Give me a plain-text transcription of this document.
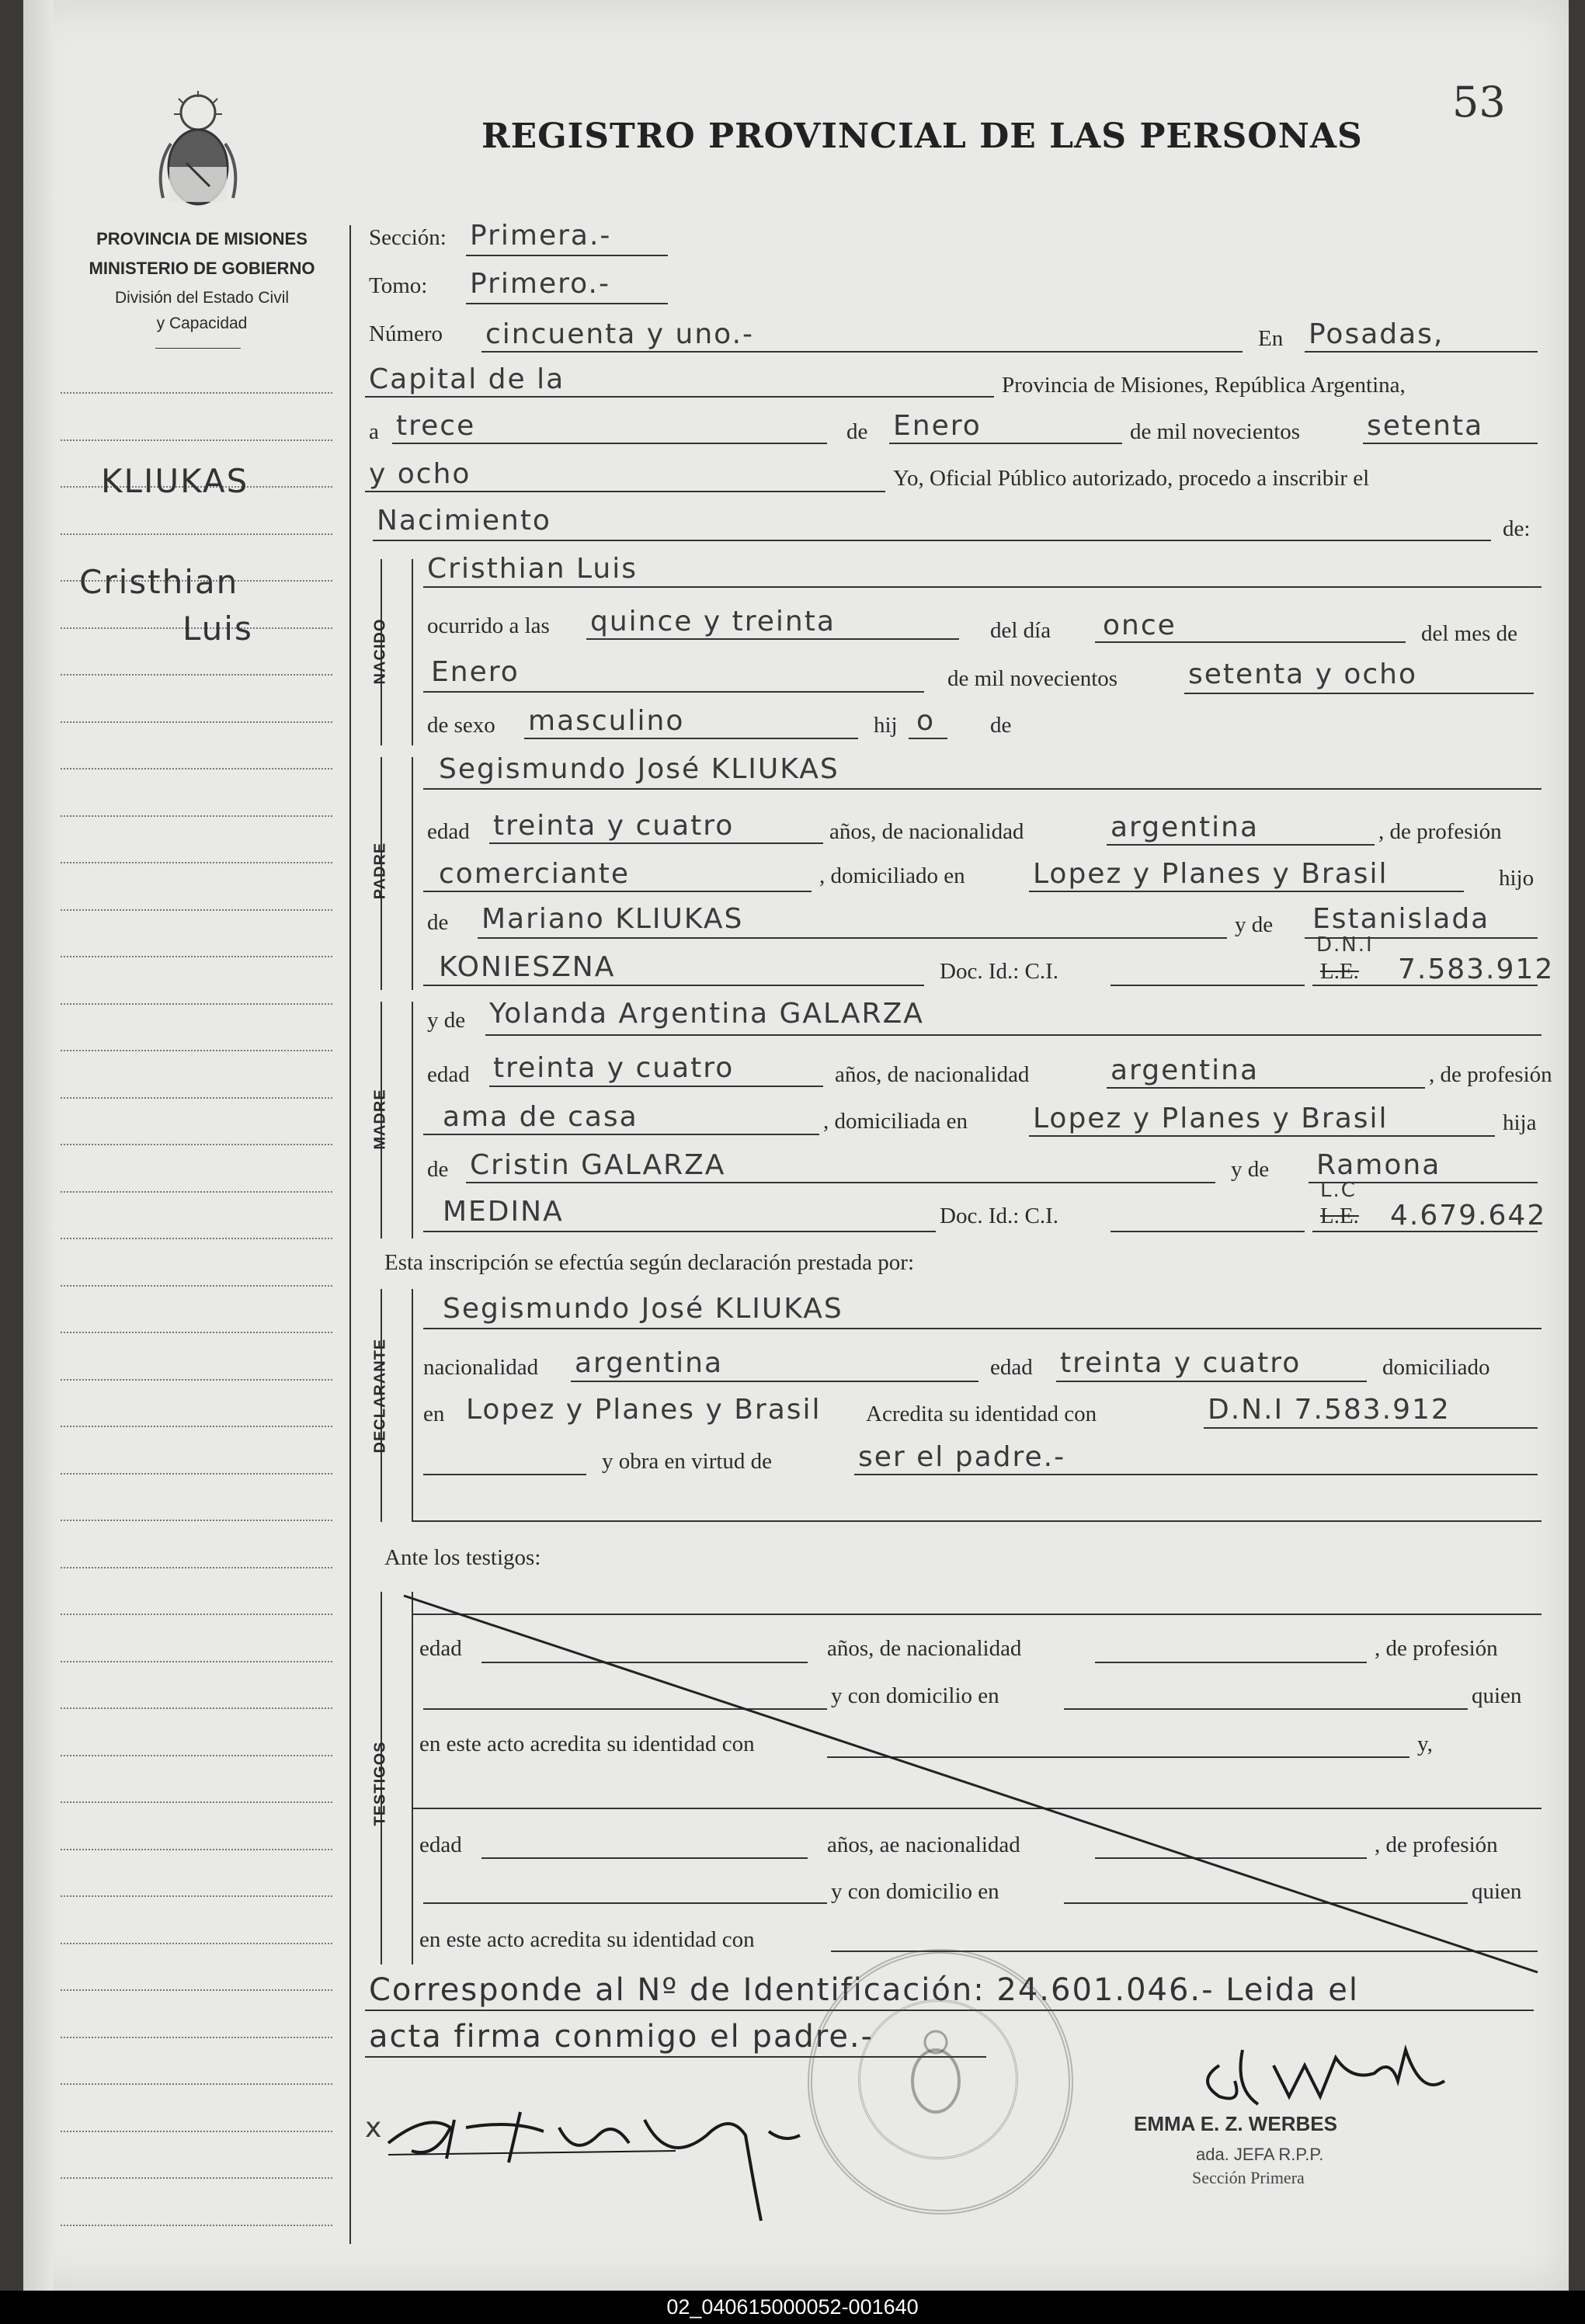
PROVINCIA DE MISIONES
MINISTERIO DE GOBIERNO
División del Estado Civil
y Capacidad
53
REGISTRO PROVINCIAL DE LAS PERSONAS
KLIUKAS
Cristhian
Luis
Sección: Primera.-
Tomo: Primero.-
Número cincuenta y uno.-	En Posadas,
Capital de la	Provincia de Misiones, República Argentina,
a trece	de Enero	de mil novecientos setenta
y ocho	Yo, Oficial Público autorizado, procedo a inscribir el
Nacimiento	de:
NACIDO
Cristhian Luis
ocurrido a las quince y treinta	del día once	del mes de
Enero	de mil novecientos	setenta y ocho
de sexo masculino	hij o de
PADRE
Segismundo José KLIUKAS
edad treinta y cuatro	años, de nacionalidad	argentina	, de profesión
comerciante	, domiciliado en Lopez y Planes y Brasil	hijo
de Mariano KLIUKAS	y de Estanislada
KONIESZNA	Doc. Id.: C.I.	L.E.
D.N.I
7.583.912
MADRE
y de Yolanda Argentina GALARZA
edad treinta y cuatro	años, de nacionalidad	argentina	, de profesión
ama de casa	, domiciliada en Lopez y Planes y Brasil	hija
de Cristin GALARZA	y de Ramona
MEDINA	Doc. Id.: C.I.	L.E.
L.C
4.679.642
Esta inscripción se efectúa según declaración prestada por:
DECLARANTE
Segismundo José KLIUKAS
nacionalidad argentina	edad treinta y cuatro	domiciliado
en Lopez y Planes y Brasil Acredita su identidad con	D.N.I 7.583.912
y obra en virtud de	ser el padre.-
Ante los testigos:
TESTIGOS
edad	años, de nacionalidad	, de profesión
y con domicilio en	quien
en este acto acredita su identidad con	y,
edad	años, ae nacionalidad	, de profesión
y con domicilio en	quien
en este acto acredita su identidad con
Corresponde al Nº de Identificación: 24.601.046.- Leida el
acta firma conmigo el padre.-
x	EMMA E. Z. WERBES
ada. JEFA R.P.P.
Sección Primera
02_040615000052-001640
